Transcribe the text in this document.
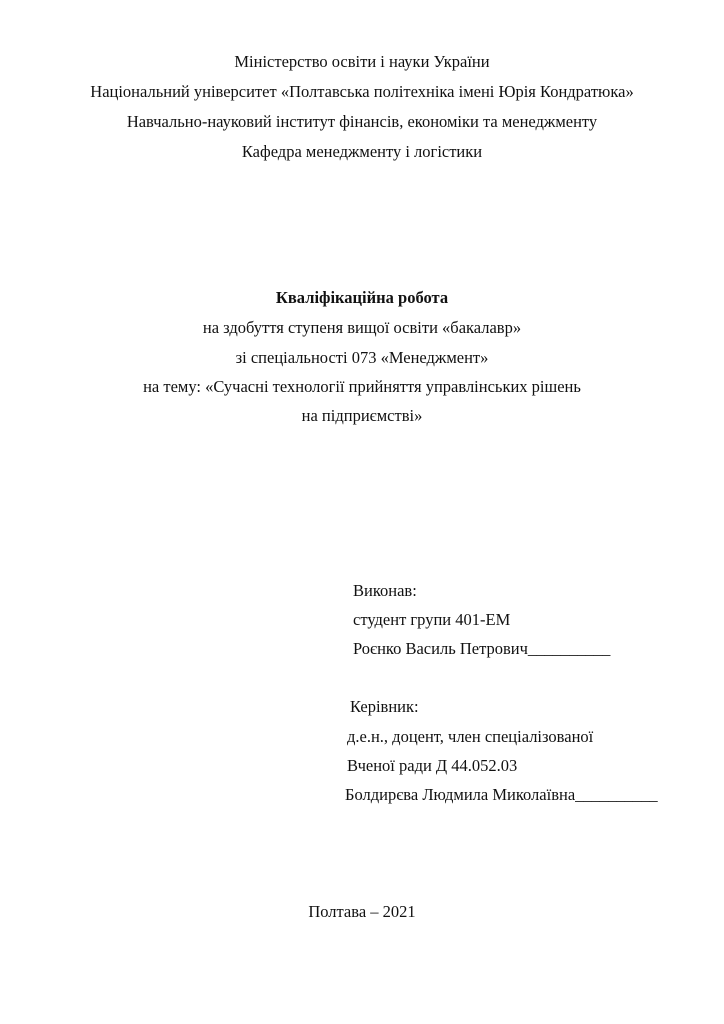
Міністерство освіти і науки України
Національний університет «Полтавська політехніка імені Юрія Кондратюка»
Навчально-науковий інститут фінансів, економіки та менеджменту
Кафедра менеджменту і логістики
Кваліфікаційна робота
на здобуття ступеня вищої освіти «бакалавр»
зі спеціальності 073 «Менеджмент»
на тему: «Сучасні технології прийняття управлінських рішень
на підприємстві»
Виконав:
студент групи 401-ЕМ
Роєнко Василь Петрович__________
Керівник:
д.е.н., доцент, член спеціалізованої
Вченої ради Д 44.052.03
Болдирєва Людмила Миколаївна__________
Полтава – 2021
